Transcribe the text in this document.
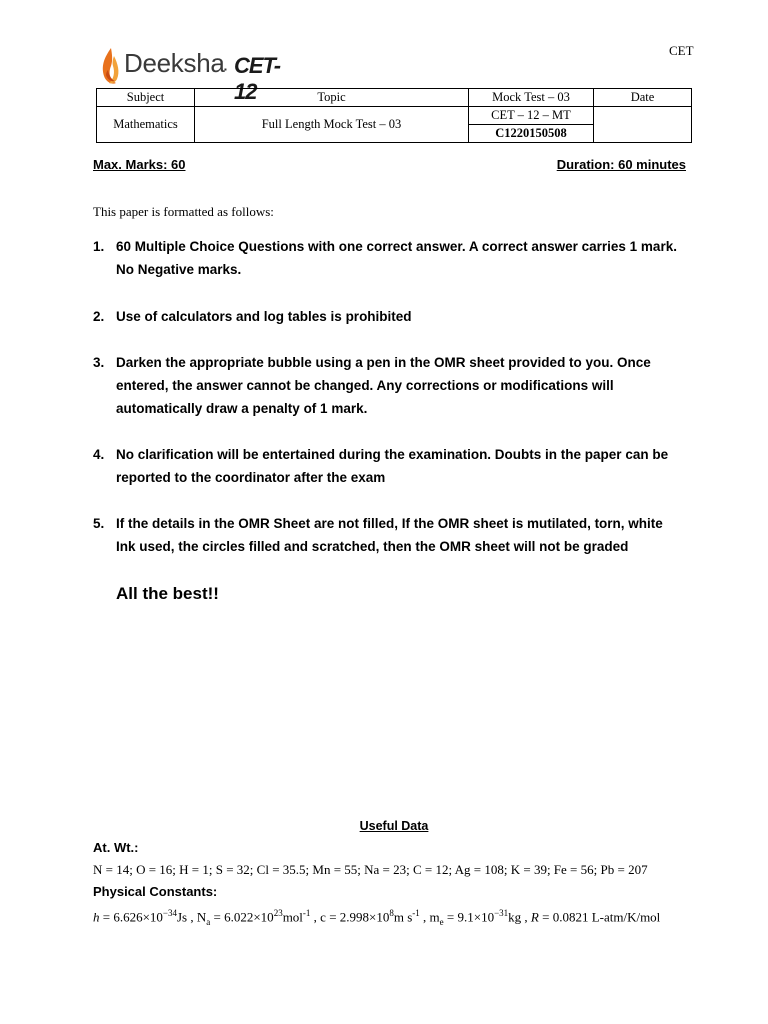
CET
Deeksha ▪ CET-12
Subject	Topic	Mock Test – 03	Date
Mathematics	Full Length Mock Test – 03	CET – 12 – MT	
		C1220150508	
Max. Marks: 60	Duration: 60 minutes
This paper is formatted as follows:
1. 60 Multiple Choice Questions with one correct answer. A correct answer carries 1 mark. No Negative marks.
2. Use of calculators and log tables is prohibited
3. Darken the appropriate bubble using a pen in the OMR sheet provided to you. Once entered, the answer cannot be changed. Any corrections or modifications will automatically draw a penalty of 1 mark.
4. No clarification will be entertained during the examination. Doubts in the paper can be reported to the coordinator after the exam
5. If the details in the OMR Sheet are not filled, If the OMR sheet is mutilated, torn, white Ink used, the circles filled and scratched, then the OMR sheet will not be graded
All the best!!
Useful Data
At. Wt.:
N = 14; O = 16; H = 1; S = 32; Cl = 35.5; Mn = 55; Na = 23; C = 12; Ag = 108; K = 39; Fe = 56; Pb = 207
Physical Constants:
$h = 6.626\times 10^{-34}Js$ , $N_a = 6.022\times 10^{23}mol^{-1}$ , $c = 2.998\times 10^8m$ $s^{-1}$ , $m_e = 9.1\times 10^{-31}kg$ , R = 0.0821 L-atm/K/mol
